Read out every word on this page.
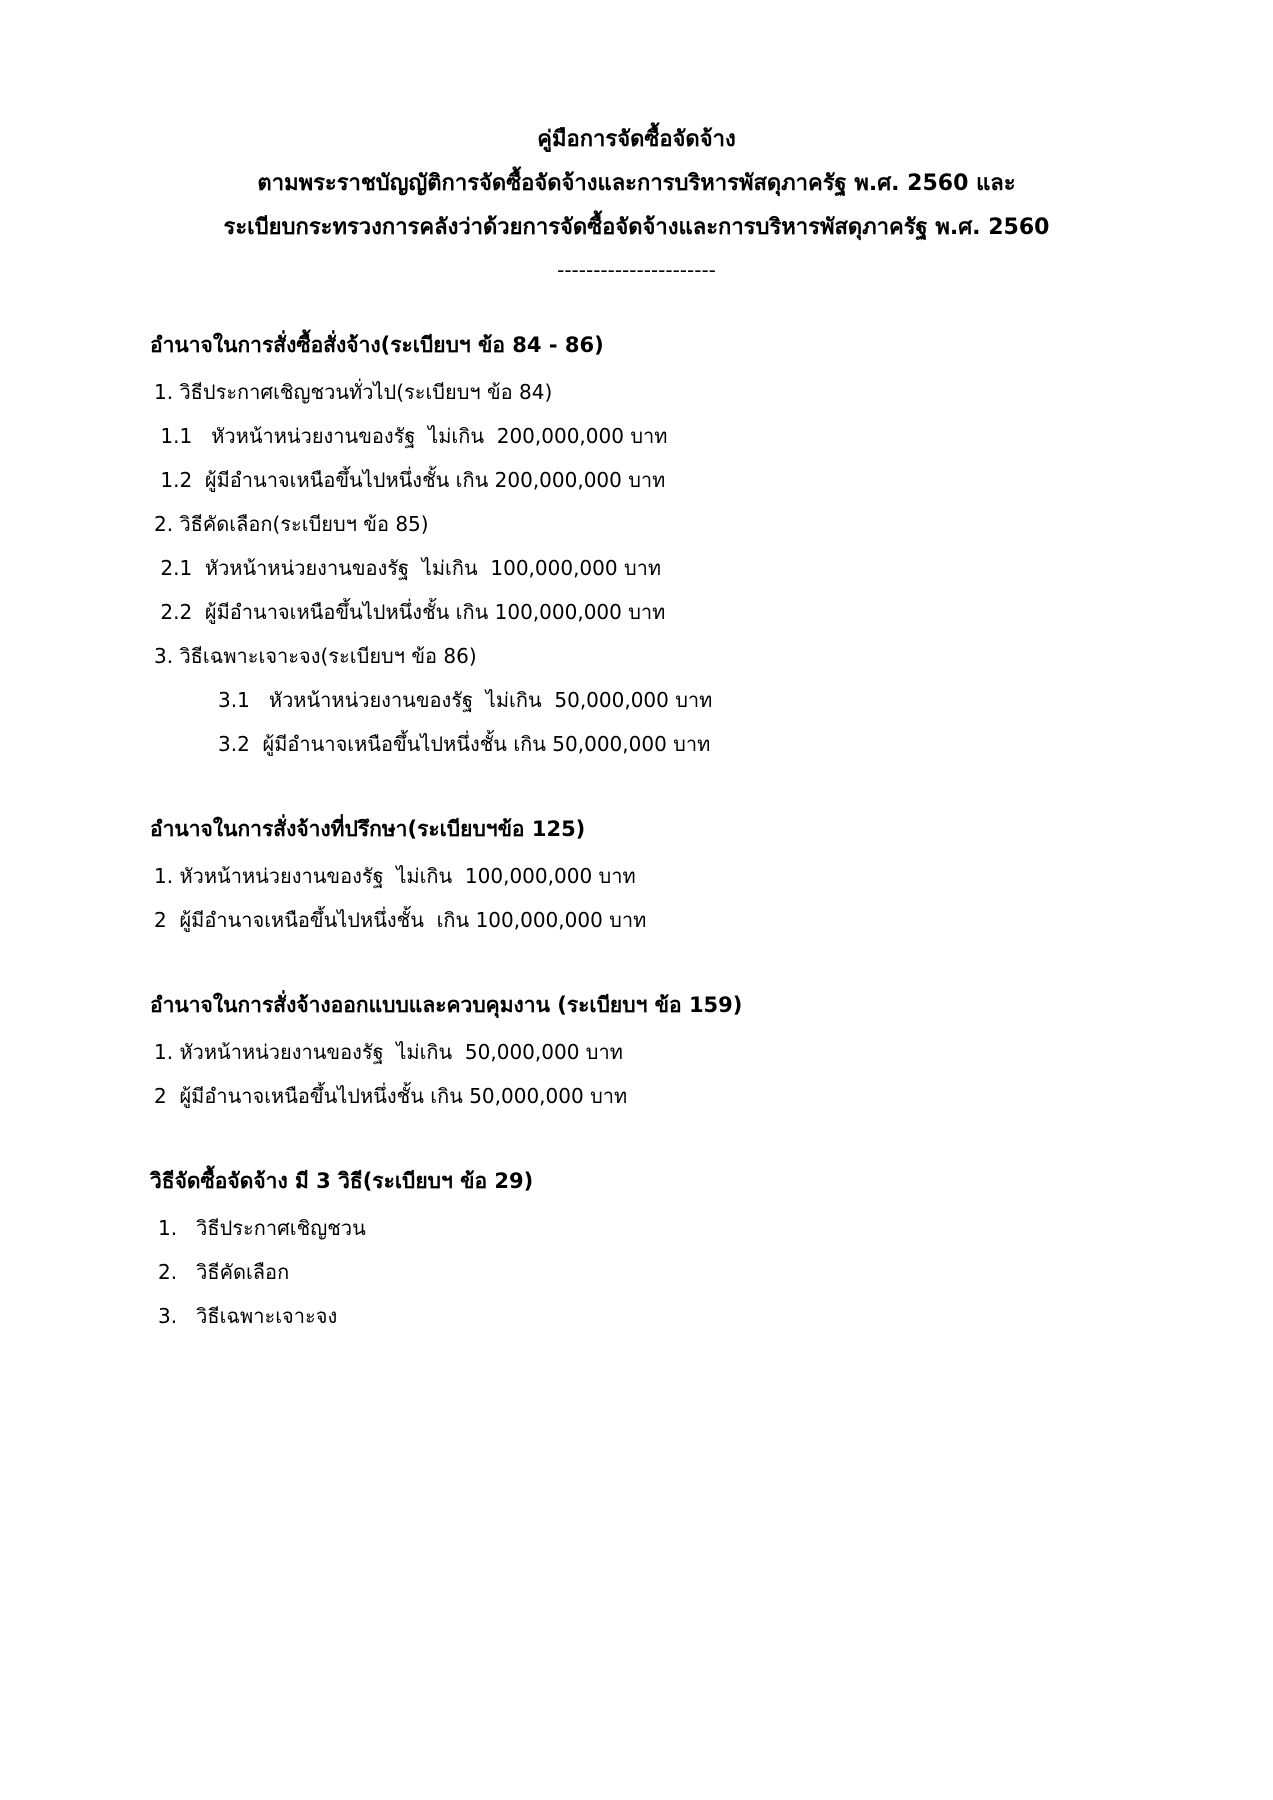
คู่มือการจัดซื้อจัดจ้าง
ตามพระราชบัญญัติการจัดซื้อจัดจ้างและการบริหารพัสดุภาครัฐ พ.ศ. 2560 และ
ระเบียบกระทรวงการคลังว่าด้วยการจัดซื้อจัดจ้างและการบริหารพัสดุภาครัฐ พ.ศ. 2560
----------------------
อำนาจในการสั่งซื้อสั่งจ้าง(ระเบียบฯ ข้อ 84 - 86)

1. วิธีประกาศเชิญชวนทั่วไป(ระเบียบฯ ข้อ 84)

1.1   หัวหน้าหน่วยงานของรัฐ  ไม่เกิน  200,000,000 บาท

1.2  ผู้มีอำนาจเหนือขึ้นไปหนึ่งชั้น เกิน 200,000,000 บาท

2. วิธีคัดเลือก(ระเบียบฯ ข้อ 85)

2.1  หัวหน้าหน่วยงานของรัฐ  ไม่เกิน  100,000,000 บาท

2.2  ผู้มีอำนาจเหนือขึ้นไปหนึ่งชั้น เกิน 100,000,000 บาท

3. วิธีเฉพาะเจาะจง(ระเบียบฯ ข้อ 86)

3.1   หัวหน้าหน่วยงานของรัฐ  ไม่เกิน  50,000,000 บาท

3.2  ผู้มีอำนาจเหนือขึ้นไปหนึ่งชั้น เกิน 50,000,000 บาท

อำนาจในการสั่งจ้างที่ปรึกษา(ระเบียบฯข้อ 125)

1. หัวหน้าหน่วยงานของรัฐ  ไม่เกิน  100,000,000 บาท

2  ผู้มีอำนาจเหนือขึ้นไปหนึ่งชั้น  เกิน 100,000,000 บาท

อำนาจในการสั่งจ้างออกแบบและควบคุมงาน (ระเบียบฯ ข้อ 159)

1. หัวหน้าหน่วยงานของรัฐ  ไม่เกิน  50,000,000 บาท

2  ผู้มีอำนาจเหนือขึ้นไปหนึ่งชั้น เกิน 50,000,000 บาท

วิธีจัดซื้อจัดจ้าง มี 3 วิธี(ระเบียบฯ ข้อ 29)

1.   วิธีประกาศเชิญชวน

2.   วิธีคัดเลือก

3.   วิธีเฉพาะเจาะจง
